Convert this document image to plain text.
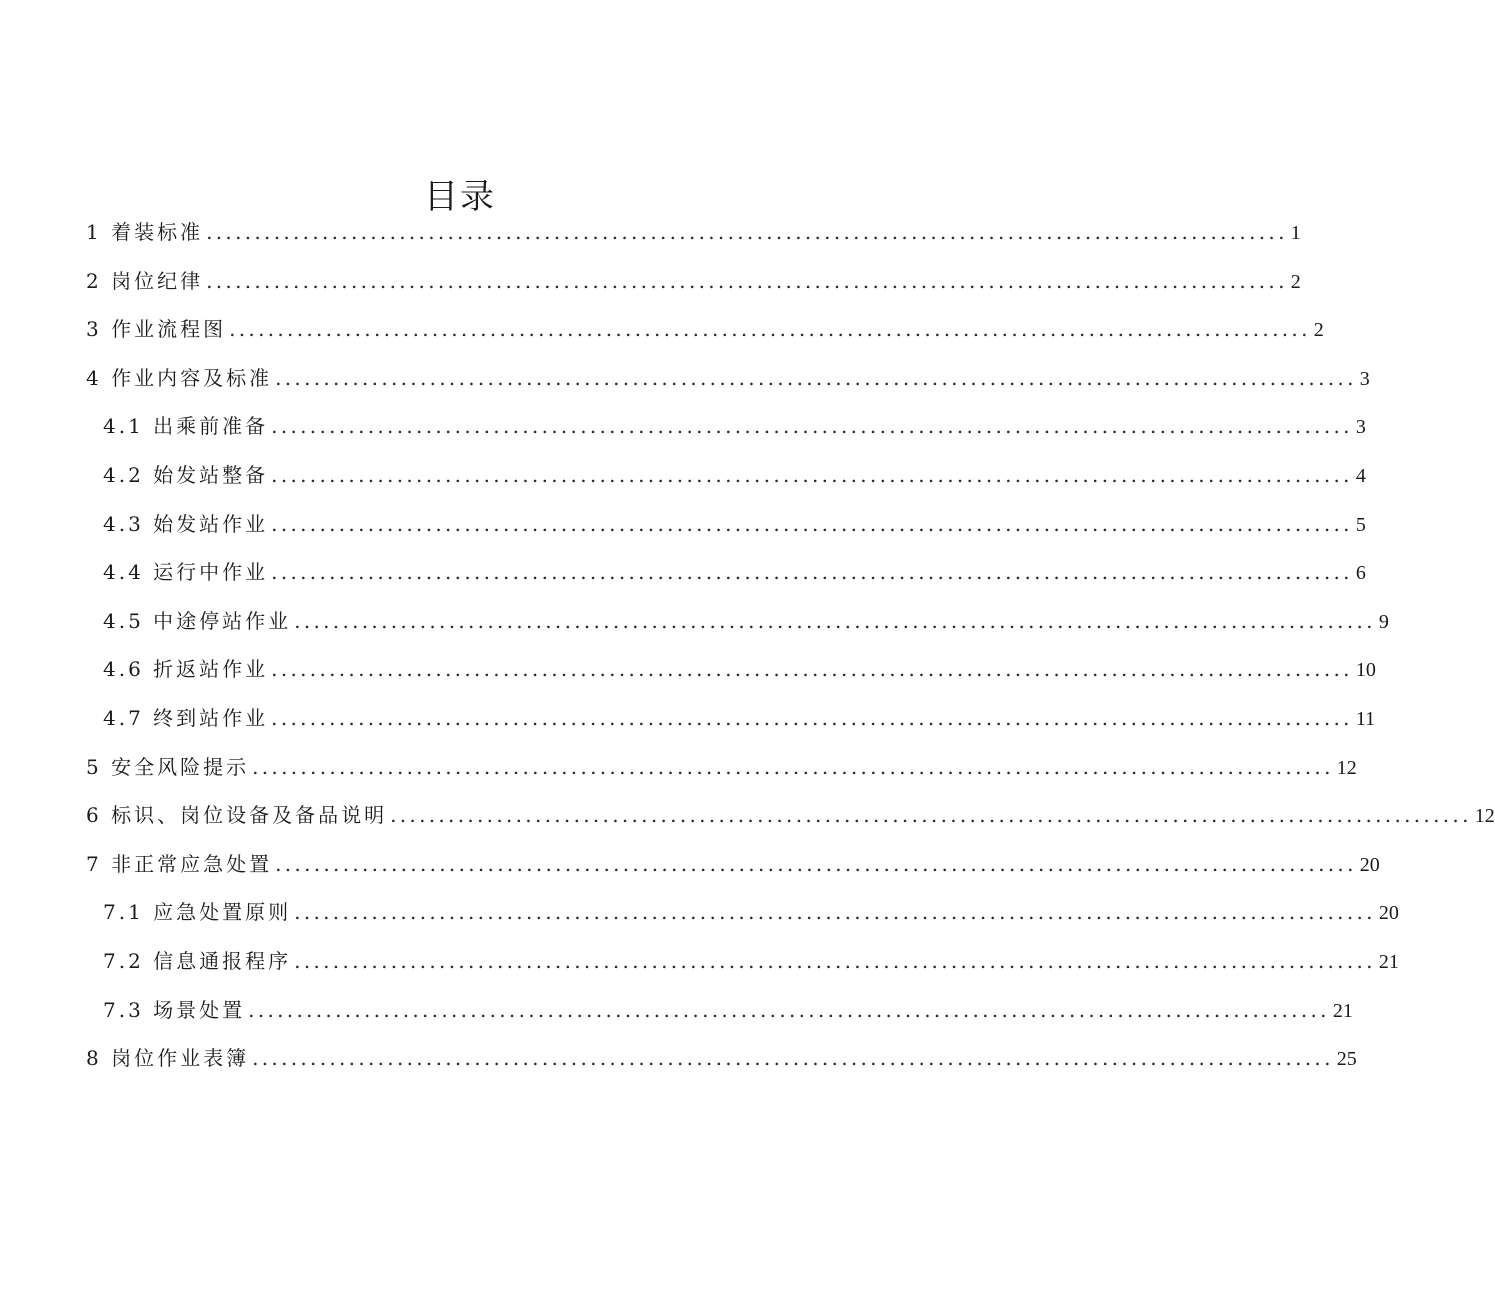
目录
1 着装标准 ................................................................................................................ 1
2 岗位纪律 ................................................................................................................ 2
3 作业流程图 ................................................................................................................ 2
4 作业内容及标准 ................................................................................................................ 3
4.1 出乘前准备 ................................................................................................................ 3
4.2 始发站整备 ................................................................................................................ 4
4.3 始发站作业 ................................................................................................................ 5
4.4 运行中作业 ................................................................................................................ 6
4.5 中途停站作业 ................................................................................................................ 9
4.6 折返站作业 ................................................................................................................ 10
4.7 终到站作业 ................................................................................................................ 11
5 安全风险提示 ................................................................................................................ 12
6 标识、岗位设备及备品说明 ................................................................................................................ 12
7 非正常应急处置 ................................................................................................................ 20
7.1 应急处置原则 ................................................................................................................ 20
7.2 信息通报程序 ................................................................................................................ 21
7.3 场景处置 ................................................................................................................ 21
8 岗位作业表簿 ................................................................................................................ 25
